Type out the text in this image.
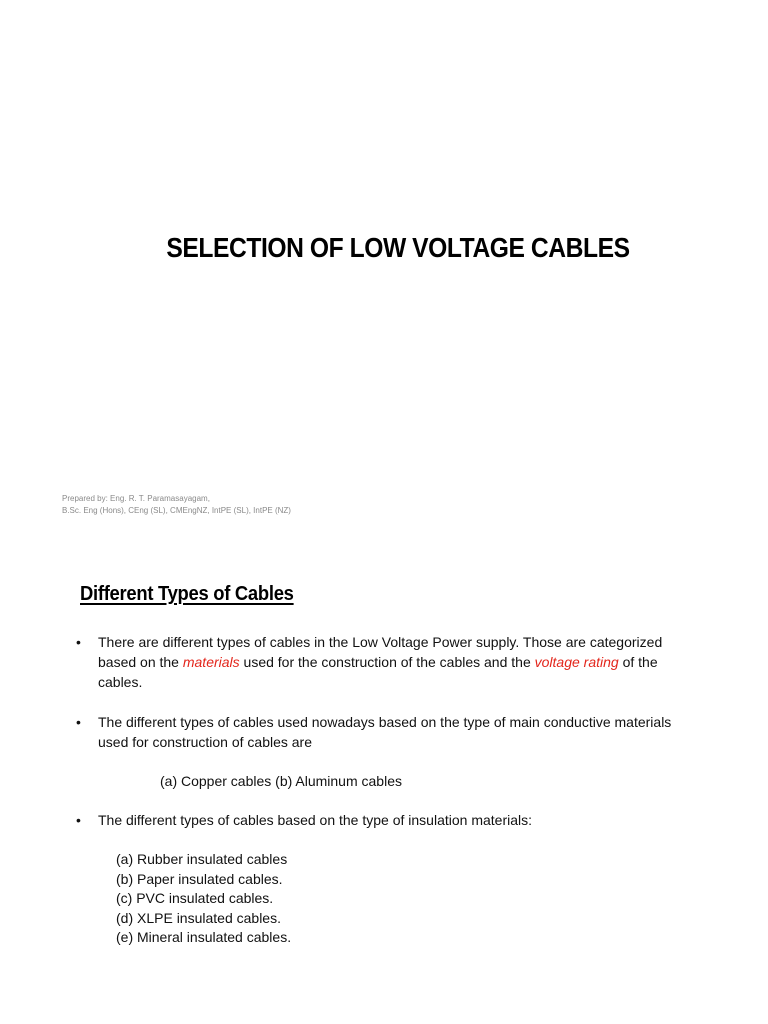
SELECTION OF LOW VOLTAGE CABLES
Prepared by: Eng. R. T. Paramasayagam,
B.Sc. Eng (Hons), CEng (SL), CMEngNZ, IntPE (SL), IntPE (NZ)
Different Types of Cables
• There are different types of cables in the Low Voltage Power supply. Those are categorized based on the materials used for the construction of the cables and the voltage rating of the cables.
• The different types of cables used nowadays based on the type of main conductive materials used for construction of cables are
(a) Copper cables (b) Aluminum cables
• The different types of cables based on the type of insulation materials:
(a) Rubber insulated cables
(b) Paper insulated cables.
(c) PVC insulated cables.
(d) XLPE insulated cables.
(e) Mineral insulated cables.
